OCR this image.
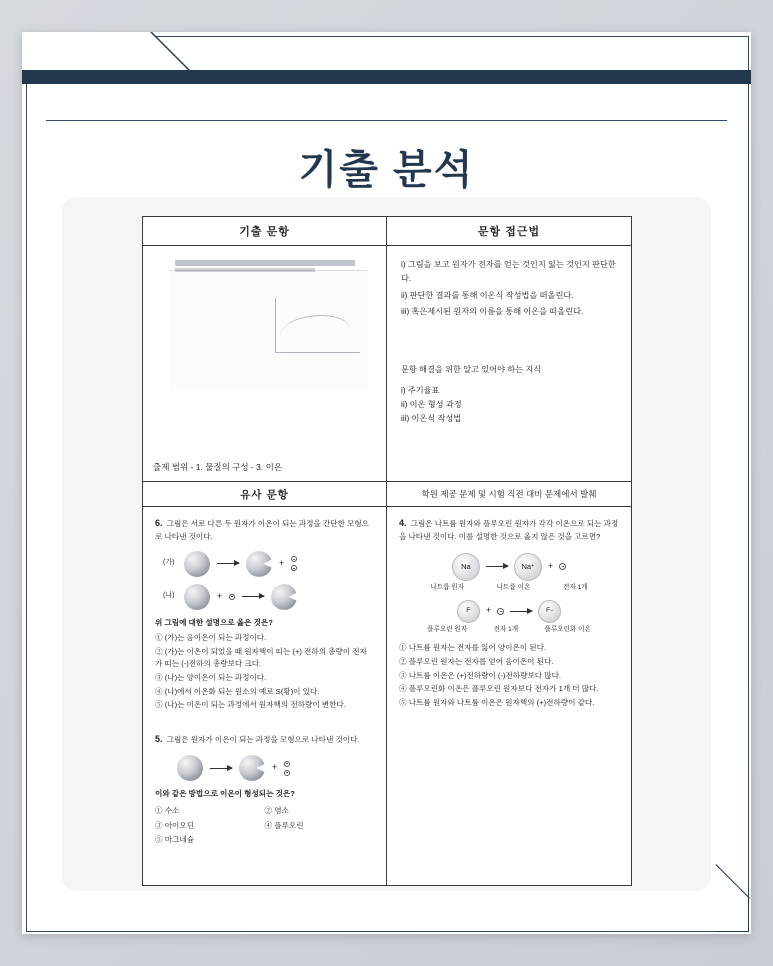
기출 분석
기출 문항	문항 접근법
출제 범위 - 1. 물질의 구성 - 3. 이온
i) 그림을 보고 원자가 전자를 얻는 것인지 잃는 것인지 판단한다.
ii) 판단한 결과를 통해 이온식 작성법을 떠올린다.
iii) 혹은제시된 원자의 이름을 통해 이온을 떠올린다.
문항 해결을 위한 알고 있어야 하는 지식
i) 주기율표
ii) 이온 형성 과정
iii) 이온식 작성법
유사 문항	학원 제공 문제 및 시험 직전 대비 문제에서 발췌
6. 그림은 서로 다른 두 원자가 이온이 되는 과정을 간단한 모형으로 나타낸 것이다.
(가)	+
(나)	+
위 그림에 대한 설명으로 옳은 것은?
① (가)는 음이온이 되는 과정이다.
② (가)는 이온이 되었을 때 원자핵이 띠는 (+) 전하의 총량이 전자가 띠는 (-)전하의 총량보다 크다.
③ (나)는 양이온이 되는 과정이다.
④ (나)에서 이온화 되는 원소의 예로 S(황)이 있다.
⑤ (나)는 이온이 되는 과정에서 원자핵의 전하량이 변한다.
5. 그림은 원자가 이온이 되는 과정을 모형으로 나타낸 것이다.
+
이와 같은 방법으로 이온이 형성되는 것은?
① 수소	② 염소
③ 아이오딘	④ 플루오린
⑤ 마그네슘
4. 그림은 나트륨 원자와 플루오린 원자가 각각 이온으로 되는 과정을 나타낸 것이다. 이를 설명한 것으로 옳지 않은 것을 고르면?
Na	Na + +
나트륨 원자	나트륨 이온	전자 1개
F	+	F −
플루오린 원자	전자 1개	플루오린화 이온
① 나트륨 원자는 전자를 잃어 양이온이 된다.
② 플루오린 원자는 전자를 얻어 음이온이 된다.
③ 나트륨 이온은 (+)전하량이 (-)전하량보다 많다.
④ 플루오린화 이온은 플루오린 원자보다 전자가 1개 더 많다.
⑤ 나트륨 원자와 나트륨 이온은 원자핵의 (+)전하량이 같다.
